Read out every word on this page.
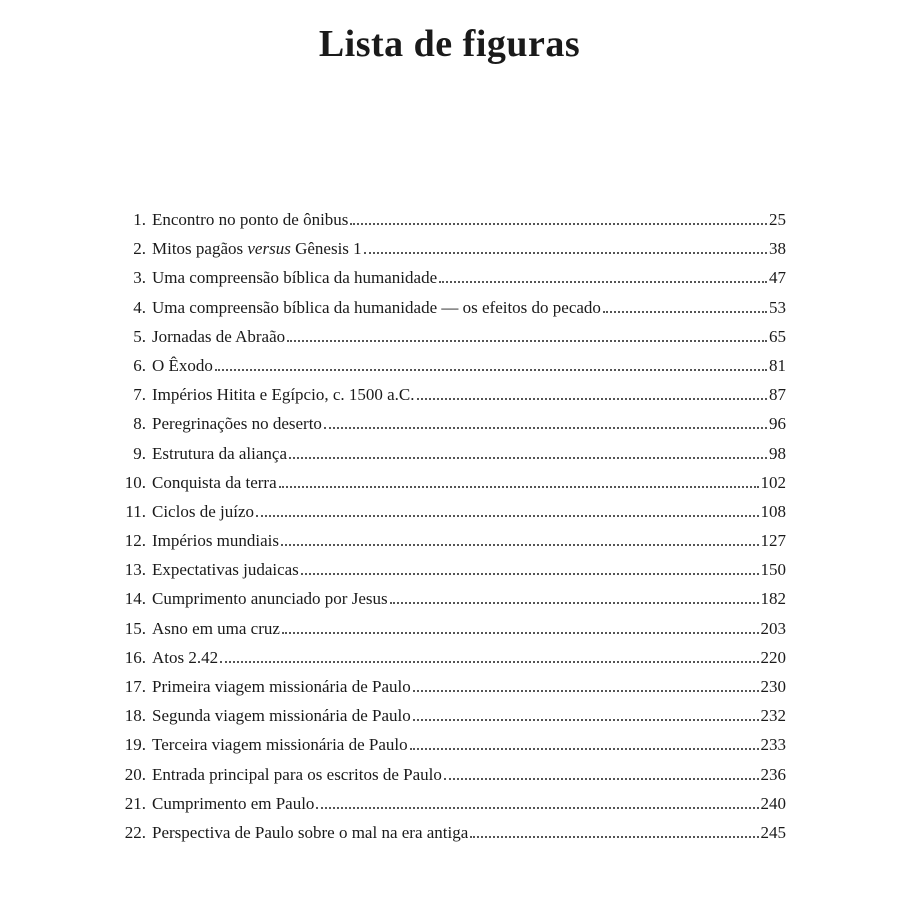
Lista de figuras
1. Encontro no ponto de ônibus	25
2. Mitos pagãos versus Gênesis 1	38
3. Uma compreensão bíblica da humanidade	47
4. Uma compreensão bíblica da humanidade — os efeitos do pecado	53
5. Jornadas de Abraão	65
6. O Êxodo	81
7. Impérios Hitita e Egípcio, c. 1500 a.C.	87
8. Peregrinações no deserto	96
9. Estrutura da aliança	98
10. Conquista da terra	102
11. Ciclos de juízo	108
12. Impérios mundiais	127
13. Expectativas judaicas	150
14. Cumprimento anunciado por Jesus	182
15. Asno em uma cruz	203
16. Atos 2.42	220
17. Primeira viagem missionária de Paulo	230
18. Segunda viagem missionária de Paulo	232
19. Terceira viagem missionária de Paulo	233
20. Entrada principal para os escritos de Paulo	236
21. Cumprimento em Paulo	240
22. Perspectiva de Paulo sobre o mal na era antiga	245
